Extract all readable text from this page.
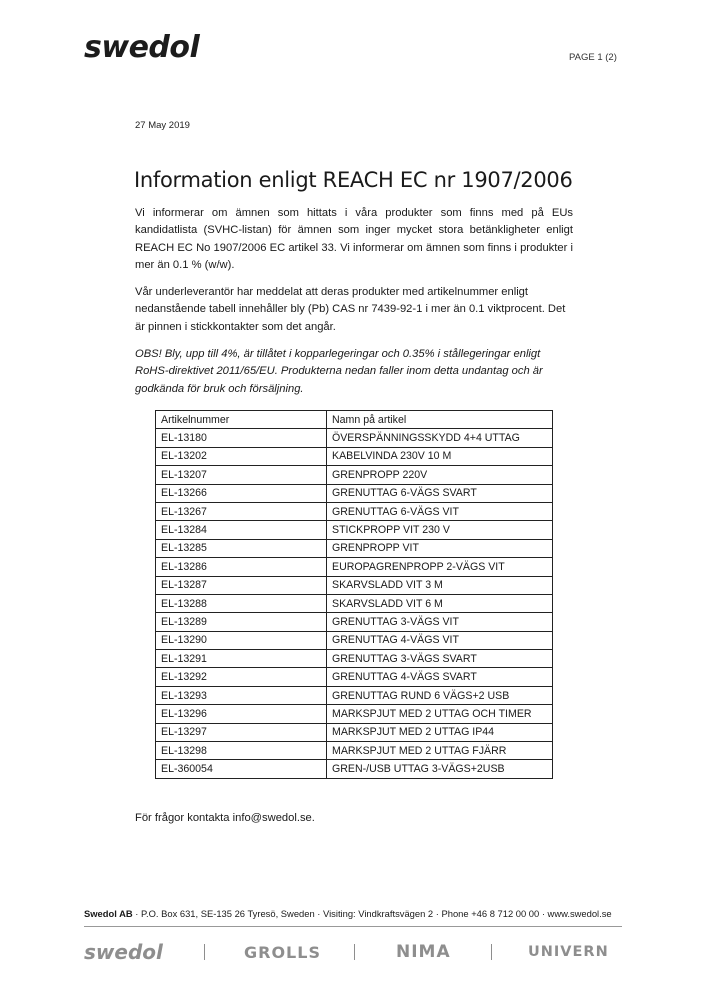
swedol	PAGE 1 (2)
27 May 2019
Information enligt REACH EC nr 1907/2006

Vi informerar om ämnen som hittats i våra produkter som finns med på EUs kandidatlista (SVHC-listan) för ämnen som inger mycket stora betänkligheter enligt REACH EC No 1907/2006 EC artikel 33. Vi informerar om ämnen som finns i produkter i mer än 0.1 % (w/w).

Vår underleverantör har meddelat att deras produkter med artikelnummer enligt nedanstående tabell innehåller bly (Pb) CAS nr 7439-92-1 i mer än 0.1 viktprocent. Det är pinnen i stickkontakter som det angår.

OBS! Bly, upp till 4%, är tillåtet i kopparlegeringar och 0.35% i stållegeringar enligt RoHS-direktivet 2011/65/EU. Produkterna nedan faller inom detta undantag och är godkända för bruk och försäljning.

Artikelnummer	Namn på artikel
EL-13180	ÖVERSPÄNNINGSSKYDD 4+4 UTTAG
EL-13202	KABELVINDA 230V 10 M
EL-13207	GRENPROPP 220V
EL-13266	GRENUTTAG 6-VÄGS SVART
EL-13267	GRENUTTAG 6-VÄGS VIT
EL-13284	STICKPROPP VIT 230 V
EL-13285	GRENPROPP VIT
EL-13286	EUROPAGRENPROPP 2-VÄGS VIT
EL-13287	SKARVSLADD VIT 3 M
EL-13288	SKARVSLADD VIT 6 M
EL-13289	GRENUTTAG 3-VÄGS VIT
EL-13290	GRENUTTAG 4-VÄGS VIT
EL-13291	GRENUTTAG 3-VÄGS SVART
EL-13292	GRENUTTAG 4-VÄGS SVART
EL-13293	GRENUTTAG RUND 6 VÄGS+2 USB
EL-13296	MARKSPJUT MED 2 UTTAG OCH TIMER
EL-13297	MARKSPJUT MED 2 UTTAG IP44
EL-13298	MARKSPJUT MED 2 UTTAG FJÄRR
EL-360054	GREN-/USB UTTAG 3-VÄGS+2USB
För frågor kontakta info@swedol.se.
Swedol AB · P.O. Box 631, SE-135 26 Tyresö, Sweden · Visiting: Vindkraftsvägen 2 · Phone +46 8 712 00 00 · www.swedol.se
swedol	GROLLS	NIMA	UNIVERN
